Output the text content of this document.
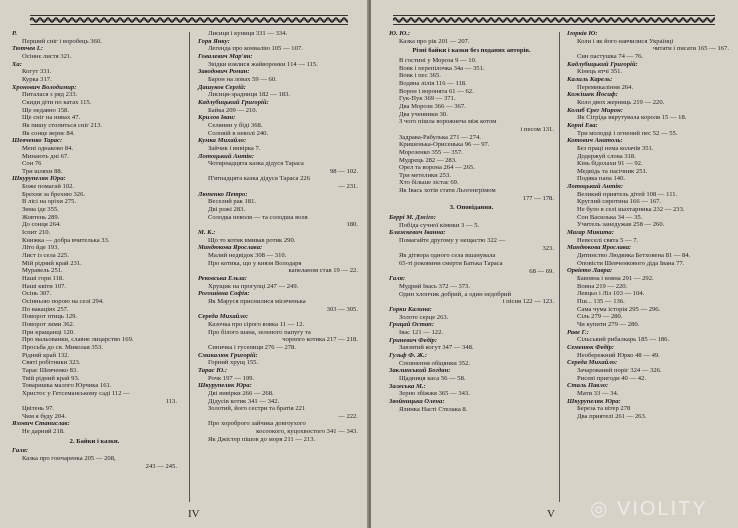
Р.
Перший сніг і воробець 360.
Тютчев І.:
Осіннє листя 321.
Ха:
Когут 331.
Курка 317.
Хронович Володимир:
Питалася з ряд 233.
Скиди діти по катах 115.
Ще недавно 158.
Ще сніг на нивах 47.
Як пишу стопиться сніг 213.
Як сонце вернє 84.
Шевченко Тарас:
Мені однаково 84.
Минають дні 67.
Сон 76
Три шляхи 88.
Шкурупеляк Юра:
Боже помагай 102.
Брехня за брехню 326.
В лісі на оріхи 275.
Зима іде 355.
Жовтень 289.
До сонця 264.
Іспит 210.
Книжка — добра вчителька 33.
Літо йде 193.
Лист із села 225.
Мій рідний край 231.
Муравель 251.
Наші гори 118.
Наші квіти 107.
Осінь 307.
Осінньою порою на селі 294.
По вакаціях 257.
Поворот птиць 129.
Поворот зими 362.
При кращанці 120.
Про мальованки, славне лицарство 169.
Просьба до св. Миколая 353.
Рідний край 132.
Святі робітники 323.
Тарас Шевченко 83.
Твій рідний край 93.
Товаришка малого Юрчика 161.
Христос у Гетсеманському саді 112 —
113.
Цвітень 97.
Чим я буду 204.
Яхович Станислав:
Не дарний 218.
2. Байки і казки.
Галя:
Казка про гончаренка 205 — 208,
243 — 245.
Лисиця і куниця 331 — 334.
Горя Янку:
Легенда про конвалію 105 — 107.
Говалевич Мар'ян:
Звідки взялися жайворонки 114 — 115.
Заводович Роман:
Барон на ловах 59 — 60.
Дашуков Сергій:
Лисиця-зрадниця 182 — 183.
Кадлубицький Григорій:
Байка 209 — 210.
Крилов Іван:
Селянин у біді 368.
Соловій в неволі 240.
Кумка Михайло:
Зайчик і вивірка 7.
Лотоцький Антін:
Чотирнадцята казка дідуся Тараса
98 — 102.
П'ятнадцята казка дідуся Тараса 226
— 231.
Люпенко Петро:
Веселий рак 181.
Дві рожі 283.
Солодка неволя — та солодша воля
180.
М. К.:
Що то котик вмивав ротик 290.
Мандюкова Ярослава:
Малий недвідок 308 — 310.
Про котика, що у князя Володаря
капеланом став 19 — 22.
Рековська Ельза:
Хрущик на прогулці 247 — 249.
Рогошівна Софія:
Як Маруся приснилися місяченька
303 — 305.
Середа Михайло:
Казочка про сірого вовка 11 — 12.
Про білого шана, зеленого папугу та
чорного котика 217 — 218.
Синичка і гусениця 276 — 278.
Смикалюк Григорій:
Горний хрущ 155.
Тарас Ю.:
Рочк 197 — 199.
Шкурупеляк Юра:
Дві вивірки 266 — 268.
Дідусів котик 341 — 342.
Золотий, його сестри та братія 221
— 222.
Про хороброго зайчика довгоухого
косоокого, куцохвостого 341 — 343.
Як Джістер пішов до моря 211 — 213.
IV
Ю. Ю.:
Казка про рік 201 — 207.
Різні байки і казки без поданих авторів.
В гостині у Мороза 9 — 10.
Вовк і перепілочка 34a — 351.
Вовк і пес 365.
Водяна лілія 116 — 118.
Ворон і воронята 61 — 62.
Гук-Пук 369 — 371.
Два Морози 366 — 367.
Два учениики 30.
З чого пішла ворожнеча між котом
і песом 131.
Задрава-Рабулька 271 — 274.
Кришенька-Орисенька 96 — 97.
Морозенко 355 — 357.
Мудрець 282 — 283.
Орел та ворона 264 — 265.
Три метелики 253.
Хто більше зістає 69.
Як Івась хотів стати Льогенгрімом
177 — 178.
3. Оповідання.
Беррі М. Джіго:
Побіда сучної кімнки 3 — 5.
Блажкевич Іванна:
Помагайте другому у нещастю 322 —
323.
Як дітвора одного села вшанувала
65-ті роковини смерти Батька Тараса
68 — 69.
Галя:
Мудрий Івась 372 — 373.
Один хлопчик добрий, а один недобрий
і пісня 122 — 123.
Горки Калина:
Золоте серце 263.
Грицай Остап:
Івас 121 — 122.
Гриневич Федір:
Завзятий когут 347 — 348.
Гульф Ф. Ж.:
Сповнення обіцянки 352.
Заклинський Богдан:
Щадниця каса 56 — 58.
Залеська М.:
Зерно збіжжя 365 — 343.
Звойницька Олена:
Ялинка Насті Стелака 8.
Ігорків Ю:
Коли і як його навчилися Українці
читати і писати 165 — 167.
Син пастушка 74 — 76.
Кадлубицький Григорій:
Кінець ятчі 351.
Калиль Карель:
Перемикаління 264.
Кожішек Йосиф:
Коло двох жерниць 219 — 220.
Колиб Єрег Мирон:
Як Сігріда вкрутувала короля 15 — 18.
Корні Ева:
Три молодці і огнений пес 52 — 55.
Котович Анатоль:
Без праці нема колачів 351.
Додержуй слова 318.
Кінь бідолахи 91 — 92.
Медвідь та пасічник 251.
Подяка пана 140.
Лотоцький Антін:
Великий приятель дітей 108 — 111.
Круглий сиротина 166 — 167.
Не було в селі шахтарника 232 — 233.
Сон Василька 34 — 35.
Учитель занедужав 258 — 260.
Магар Микита:
Невеселі свята 5 — 7.
Мандюкова Ярослава:
Дитинство Людвика Бетховена 81 — 84.
Оповісти Шевченкового діда Івана 77.
Орвіето Лавра:
Бавовна і вовна 291 — 292.
Вовна 219 — 220.
Левцьо і Ліз 103 — 104.
Пш... 135 — 136.
Сама чума історія 295 — 296.
Сіль 279 — 280.
Чи купити 279 — 280.
Раве Г.:
Сільський рибалкарь 185 — 186.
Семенюк Федір:
Необережний Юрко 48 — 49.
Середа Михайло:
Зачарований поріг 324 — 326.
Рисеві пригоди 40 — 42.
Сталь Павло:
Мати 33 — 34.
Шкурупеляк Юра:
Береза та вітер 278
Два приятелі 261 — 263.
V ◎ VIOLITY
